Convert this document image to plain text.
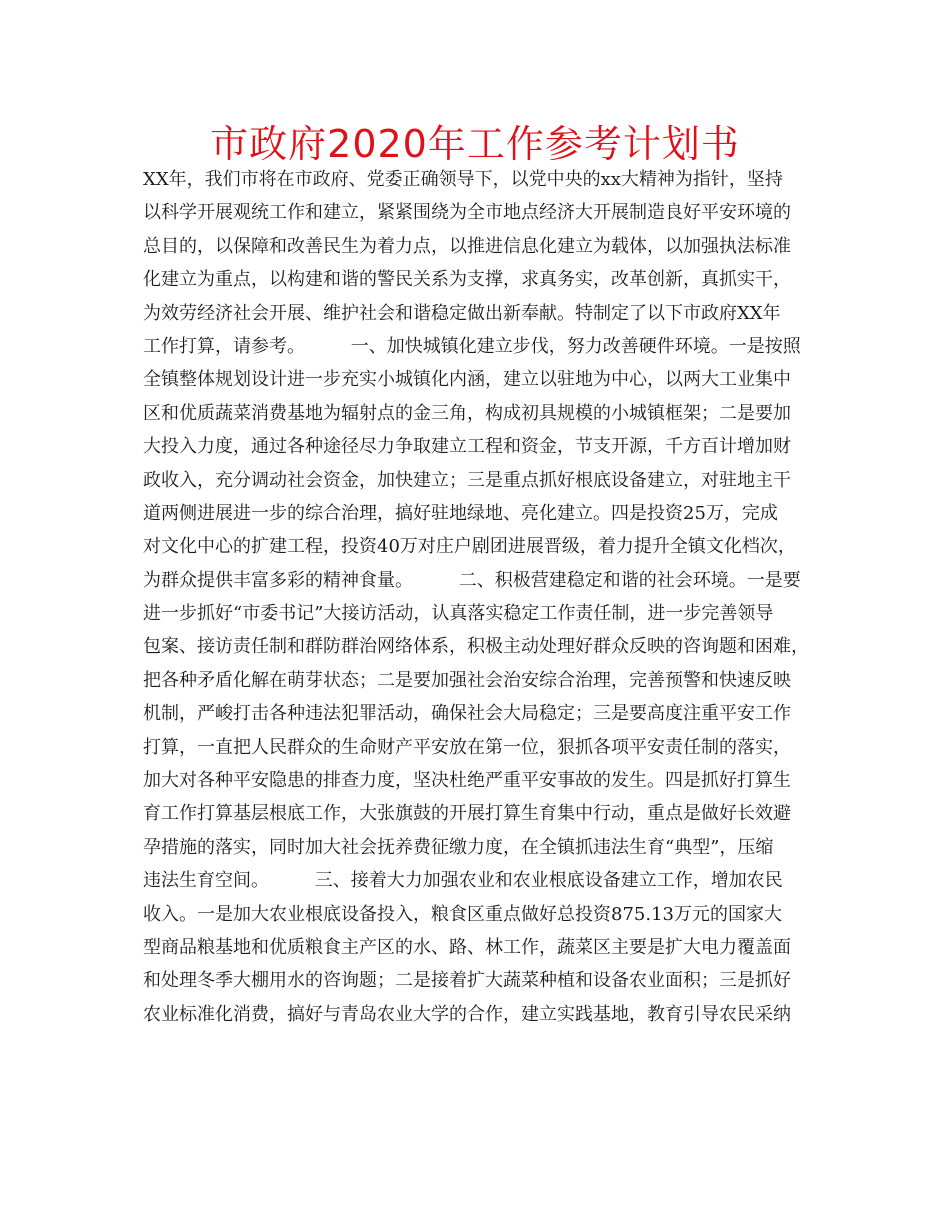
市政府2020年工作参考计划书
XX年，我们市将在市政府、党委正确领导下，以党中央的xx大精神为指针，坚持
以科学开展观统工作和建立，紧紧围绕为全市地点经济大开展制造良好平安环境的
总目的，以保障和改善民生为着力点，以推进信息化建立为载体，以加强执法标准
化建立为重点，以构建和谐的警民关系为支撑，求真务实，改革创新，真抓实干，
为效劳经济社会开展、维护社会和谐稳定做出新奉献。特制定了以下市政府XX年
工作打算，请参考。        一、加快城镇化建立步伐，努力改善硬件环境。一是按照
全镇整体规划设计进一步充实小城镇化内涵，建立以驻地为中心，以两大工业集中
区和优质蔬菜消费基地为辐射点的金三角，构成初具规模的小城镇框架；二是要加
大投入力度，通过各种途径尽力争取建立工程和资金，节支开源，千方百计增加财
政收入，充分调动社会资金，加快建立；三是重点抓好根底设备建立，对驻地主干
道两侧进展进一步的综合治理，搞好驻地绿地、亮化建立。四是投资25万，完成
对文化中心的扩建工程，投资40万对庄户剧团进展晋级，着力提升全镇文化档次，
为群众提供丰富多彩的精神食量。        二、积极营建稳定和谐的社会环境。一是要
进一步抓好“市委书记”大接访活动，认真落实稳定工作责任制，进一步完善领导
包案、接访责任制和群防群治网络体系，积极主动处理好群众反映的咨询题和困难，
把各种矛盾化解在萌芽状态；二是要加强社会治安综合治理，完善预警和快速反映
机制，严峻打击各种违法犯罪活动，确保社会大局稳定；三是要高度注重平安工作
打算，一直把人民群众的生命财产平安放在第一位，狠抓各项平安责任制的落实，
加大对各种平安隐患的排查力度，坚决杜绝严重平安事故的发生。四是抓好打算生
育工作打算基层根底工作，大张旗鼓的开展打算生育集中行动，重点是做好长效避
孕措施的落实，同时加大社会抚养费征缴力度，在全镇抓违法生育“典型”，压缩
违法生育空间。        三、接着大力加强农业和农业根底设备建立工作，增加农民
收入。一是加大农业根底设备投入，粮食区重点做好总投资875.13万元的国家大
型商品粮基地和优质粮食主产区的水、路、林工作，蔬菜区主要是扩大电力覆盖面
和处理冬季大棚用水的咨询题；二是接着扩大蔬菜种植和设备农业面积；三是抓好
农业标准化消费，搞好与青岛农业大学的合作，建立实践基地，教育引导农民采纳
